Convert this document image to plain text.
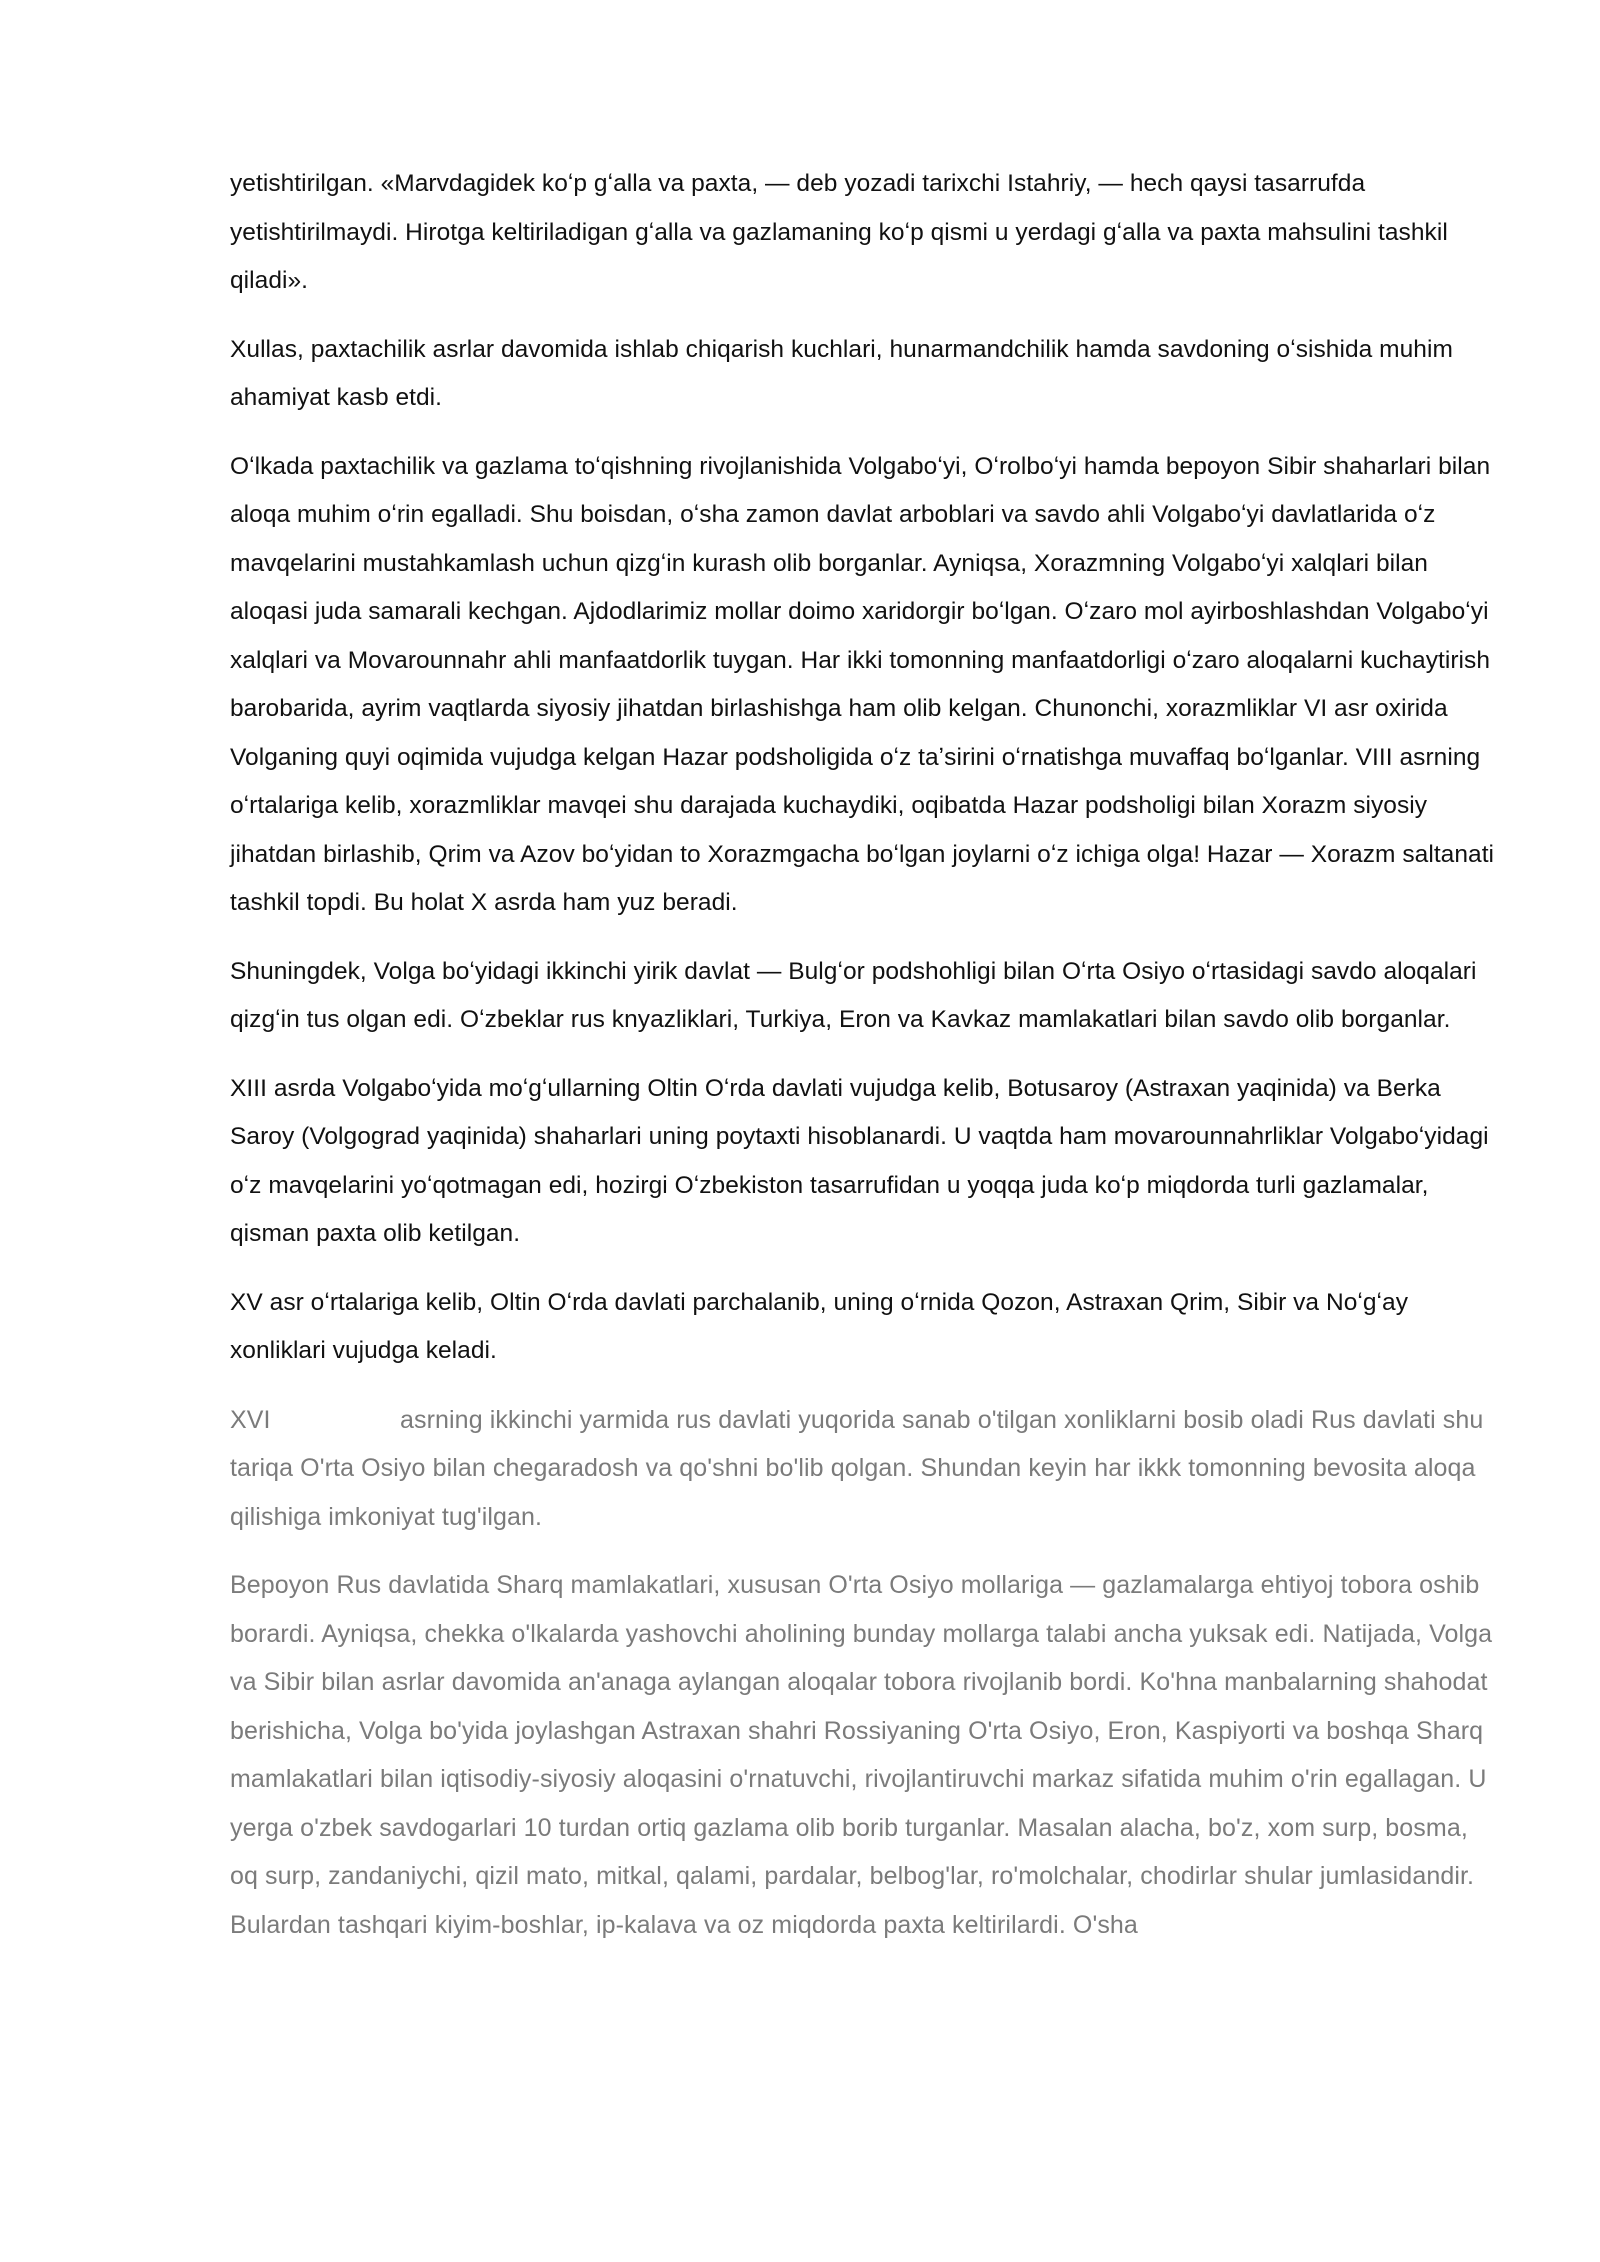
yetishtirilgan. «Marvdagidek koʻp gʻalla va paxta, — deb yozadi tarixchi Istahriy, — hech qaysi tasarrufda yetishtirilmaydi. Hirotga keltiriladigan gʻalla va gazlamaning koʻp qismi u yerdagi gʻalla va paxta mahsulini tashkil qiladi».

Xullas, paxtachilik asrlar davomida ishlab chiqarish kuchlari, hunarmandchilik hamda savdoning oʻsishida muhim ahamiyat kasb etdi.

Oʻlkada paxtachilik va gazlama toʻqishning rivojlanishida Volgaboʻyi, Oʻrolboʻyi hamda bepoyon Sibir shaharlari bilan aloqa muhim oʻrin egalladi. Shu boisdan, oʻsha zamon davlat arboblari va savdo ahli Volgaboʻyi davlatlarida oʻz mavqelarini mustahkamlash uchun qizgʻin kurash olib borganlar. Ayniqsa, Xorazmning Volgaboʻyi xalqlari bilan aloqasi juda samarali kechgan. Ajdodlarimiz mollar doimo xaridorgir boʻlgan. Oʻzaro mol ayirboshlashdan Volgaboʻyi xalqlari va Movarounnahr ahli manfaatdorlik tuygan. Har ikki tomonning manfaatdorligi oʻzaro aloqalarni kuchaytirish barobarida, ayrim vaqtlarda siyosiy jihatdan birlashishga ham olib kelgan. Chunonchi, xorazmliklar VI asr oxirida Volganing quyi oqimida vujudga kelgan Hazar podsholigida oʻz taʼsirini oʻrnatishga muvaffaq boʻlganlar. VIII asrning oʻrtalariga kelib, xorazmliklar mavqei shu darajada kuchaydiki, oqibatda Hazar podsholigi bilan Xorazm siyosiy jihatdan birlashib, Qrim va Azov boʻyidan to Xorazmgacha boʻlgan joylarni oʻz ichiga olga! Hazar — Xorazm saltanati tashkil topdi. Bu holat X asrda ham yuz beradi.

Shuningdek, Volga boʻyidagi ikkinchi yirik davlat — Bulgʻor podshohligi bilan Oʻrta Osiyo oʻrtasidagi savdo aloqalari qizgʻin tus olgan edi. Oʻzbeklar rus knyazliklari, Turkiya, Eron va Kavkaz mamlakatlari bilan savdo olib borganlar.

XIII asrda Volgaboʻyida moʻgʻullarning Oltin Oʻrda davlati vujudga kelib, Botusaroy (Astraxan yaqinida) va Berka Saroy (Volgograd yaqinida) shaharlari uning poytaxti hisoblanardi. U vaqtda ham movarounnahrliklar Volgaboʻyidagi oʻz mavqelarini yoʻqotmagan edi, hozirgi Oʻzbekiston tasarrufidan u yoqqa juda koʻp miqdorda turli gazlamalar, qisman paxta olib ketilgan.

XV asr oʻrtalariga kelib, Oltin Oʻrda davlati parchalanib, uning oʻrnida Qozon, Astraxan Qrim, Sibir va Noʻgʻay xonliklari vujudga keladi.

XVI	asrning ikkinchi yarmida rus davlati yuqorida sanab o'tilgan xonliklarni bosib oladi Rus davlati shu tariqa O'rta Osiyo bilan chegaradosh va qo'shni bo'lib qolgan. Shundan keyin har ikkk tomonning bevosita aloqa qilishiga imkoniyat tug'ilgan.

Bepoyon Rus davlatida Sharq mamlakatlari, xususan O'rta Osiyo mollariga — gazlamalarga ehtiyoj tobora oshib borardi. Ayniqsa, chekka o'lkalarda yashovchi aholining bunday mollarga talabi ancha yuksak edi. Natijada, Volga va Sibir bilan asrlar davomida an'anaga aylangan aloqalar tobora rivojlanib bordi. Ko'hna manbalarning shahodat berishicha, Volga bo'yida joylashgan Astraxan shahri Rossiyaning O'rta Osiyo, Eron, Kaspiyorti va boshqa Sharq mamlakatlari bilan iqtisodiy-siyosiy aloqasini o'rnatuvchi, rivojlantiruvchi markaz sifatida muhim o'rin egallagan. U yerga o'zbek savdogarlari 10 turdan ortiq gazlama olib borib turganlar. Masalan alacha, bo'z, xom surp, bosma, oq surp, zandaniychi, qizil mato, mitkal, qalami, pardalar, belbog'lar, ro'molchalar, chodirlar shular jumlasidandir. Bulardan tashqari kiyim-boshlar, ip-kalava va oz miqdorda paxta keltirilardi. O'sha
